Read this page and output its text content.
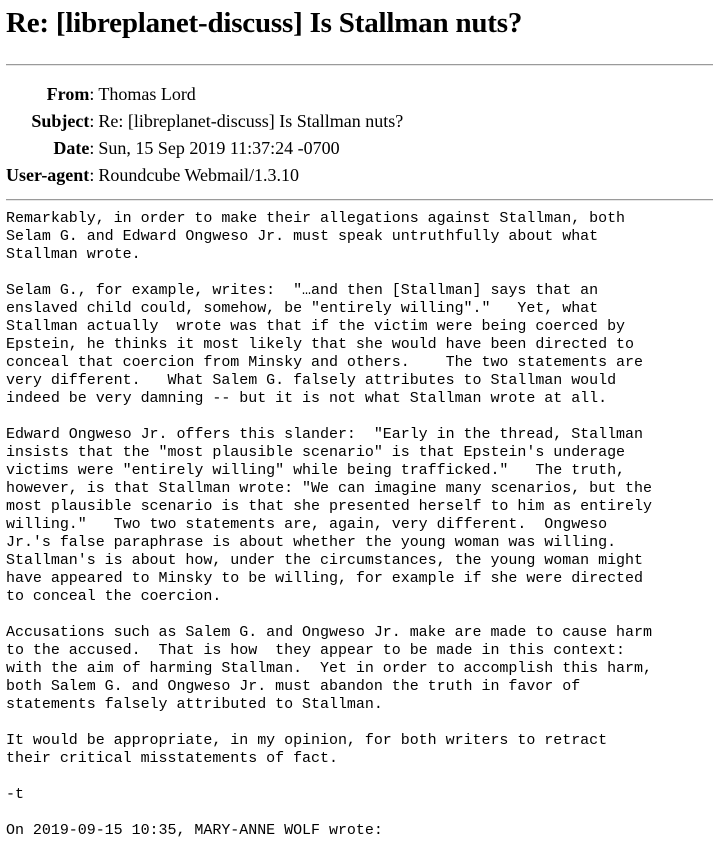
Re: [libreplanet-discuss] Is Stallman nuts?
From	:	Thomas Lord
Subject	:	Re: [libreplanet-discuss] Is Stallman nuts?
Date	:	Sun, 15 Sep 2019 11:37:24 -0700
User-agent	:	Roundcube Webmail/1.3.10
Remarkably, in order to make their allegations against Stallman, both
Selam G. and Edward Ongweso Jr. must speak untruthfully about what
Stallman wrote.

Selam G., for example, writes:  "…and then [Stallman] says that an
enslaved child could, somehow, be "entirely willing"."   Yet, what
Stallman actually  wrote was that if the victim were being coerced by
Epstein, he thinks it most likely that she would have been directed to
conceal that coercion from Minsky and others.    The two statements are
very different.   What Salem G. falsely attributes to Stallman would
indeed be very damning -- but it is not what Stallman wrote at all.

Edward Ongweso Jr. offers this slander:  "Early in the thread, Stallman
insists that the "most plausible scenario" is that Epstein's underage
victims were "entirely willing" while being trafficked."   The truth,
however, is that Stallman wrote: "We can imagine many scenarios, but the
most plausible scenario is that she presented herself to him as entirely
willing."   Two two statements are, again, very different.  Ongweso
Jr.'s false paraphrase is about whether the young woman was willing.
Stallman's is about how, under the circumstances, the young woman might
have appeared to Minsky to be willing, for example if she were directed
to conceal the coercion.

Accusations such as Salem G. and Ongweso Jr. make are made to cause harm
to the accused.  That is how  they appear to be made in this context:
with the aim of harming Stallman.  Yet in order to accomplish this harm,
both Salem G. and Ongweso Jr. must abandon the truth in favor of
statements falsely attributed to Stallman.

It would be appropriate, in my opinion, for both writers to retract
their critical misstatements of fact.

-t

On 2019-09-15 10:35, MARY-ANNE WOLF wrote:
